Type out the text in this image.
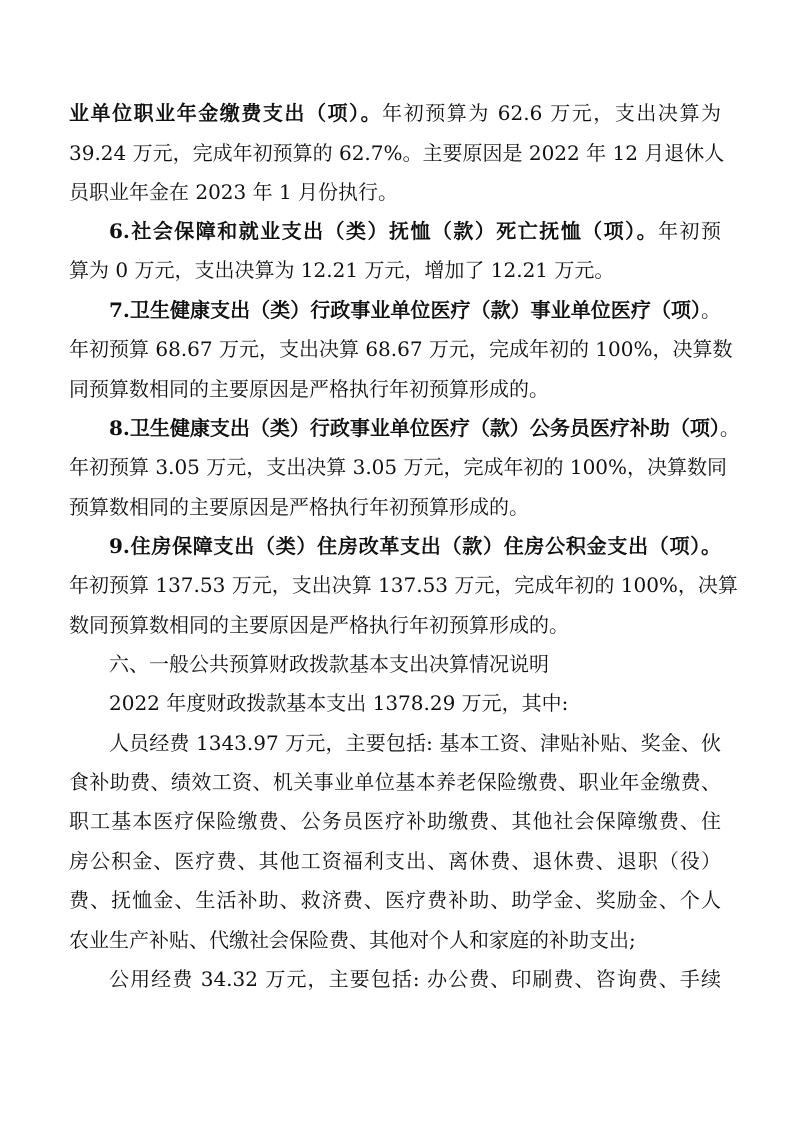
业单位职业年金缴费支出（项）。年初预算为 62.6 万元，支出决算为
39.24 万元，完成年初预算的 62.7%。主要原因是 2022 年 12 月退休人
员职业年金在 2023 年 1 月份执行。
6.社会保障和就业支出（类）抚恤（款）死亡抚恤（项）。年初预
算为 0 万元，支出决算为 12.21 万元，增加了 12.21 万元。
7.卫生健康支出（类）行政事业单位医疗（款）事业单位医疗（项）。
年初预算 68.67 万元，支出决算 68.67 万元，完成年初的 100%，决算数
同预算数相同的主要原因是严格执行年初预算形成的。
8.卫生健康支出（类）行政事业单位医疗（款）公务员医疗补助（项）。
年初预算 3.05 万元，支出决算 3.05 万元，完成年初的 100%，决算数同
预算数相同的主要原因是严格执行年初预算形成的。
9.住房保障支出（类）住房改革支出（款）住房公积金支出（项）。
年初预算 137.53 万元，支出决算 137.53 万元，完成年初的 100%，决算
数同预算数相同的主要原因是严格执行年初预算形成的。
六、一般公共预算财政拨款基本支出决算情况说明
2022 年度财政拨款基本支出 1378.29 万元，其中:
人员经费 1343.97 万元，主要包括: 基本工资、津贴补贴、奖金、伙
食补助费、绩效工资、机关事业单位基本养老保险缴费、职业年金缴费、
职工基本医疗保险缴费、公务员医疗补助缴费、其他社会保障缴费、住
房公积金、医疗费、其他工资福利支出、离休费、退休费、退职（役）
费、抚恤金、生活补助、救济费、医疗费补助、助学金、奖励金、个人
农业生产补贴、代缴社会保险费、其他对个人和家庭的补助支出;
公用经费 34.32 万元，主要包括: 办公费、印刷费、咨询费、手续
